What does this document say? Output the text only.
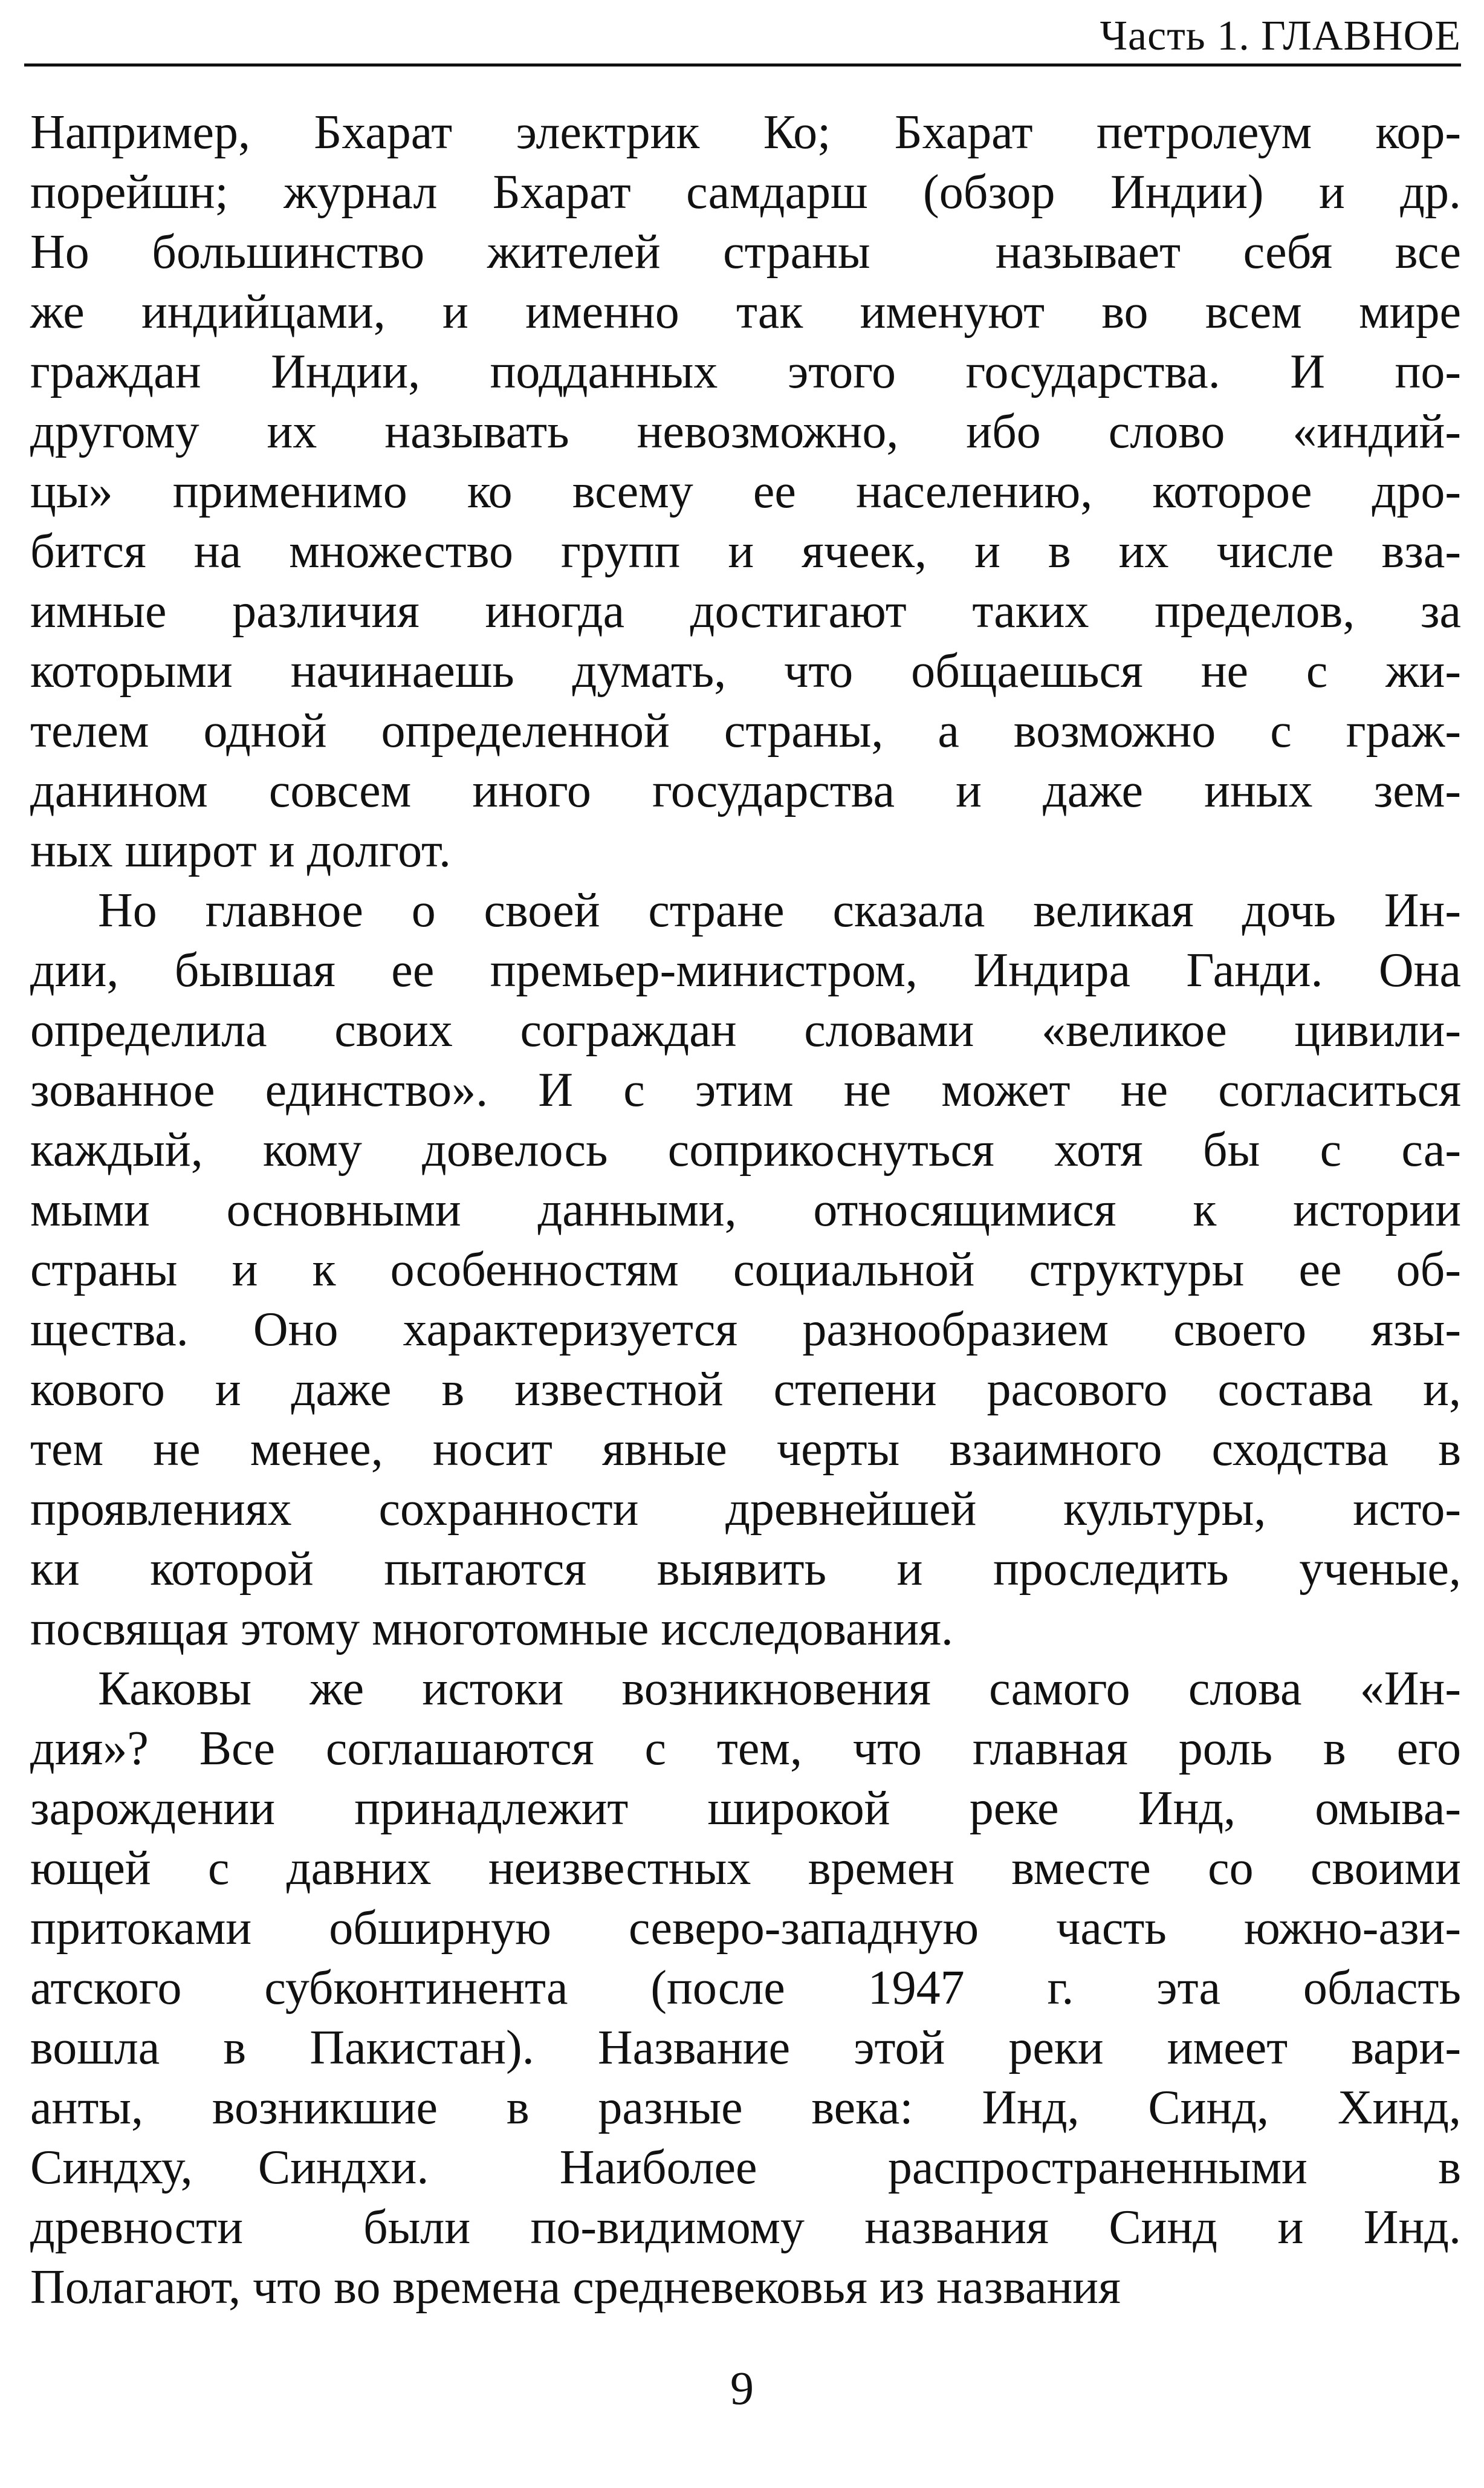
Часть 1. ГЛАВНОЕ
Например, Бхарат электрик Ко; Бхарат петролеум кор-
порейшн; журнал Бхарат самдарш (обзор Индии) и др.
Но большинство жителей страны  называет себя все
же индийцами, и именно так именуют во всем мире
граждан Индии, подданных этого государства. И по-
другому их называть невозможно, ибо слово «индий-
цы» применимо ко всему ее населению, которое дро-
бится на множество групп и ячеек, и в их числе вза-
имные различия иногда достигают таких пределов, за
которыми начинаешь думать, что общаешься не с жи-
телем одной определенной страны, а возможно с граж-
данином совсем иного государства и даже иных зем-
ных широт и долгот.
Но главное о своей стране сказала великая дочь Ин-
дии, бывшая ее премьер-министром, Индира Ганди. Она
определила своих сограждан словами «великое цивили-
зованное единство». И с этим не может не согласиться
каждый, кому довелось соприкоснуться хотя бы с са-
мыми основными данными, относящимися к истории
страны и к особенностям социальной структуры ее об-
щества. Оно характеризуется разнообразием своего язы-
кового и даже в известной степени расового состава и,
тем не менее, носит явные черты взаимного сходства в
проявлениях сохранности древнейшей культуры, исто-
ки которой пытаются выявить и проследить ученые,
посвящая этому многотомные исследования.
Каковы же истоки возникновения самого слова «Ин-
дия»? Все соглашаются с тем, что главная роль в его
зарождении принадлежит широкой реке Инд, омыва-
ющей с давних неизвестных времен вместе со своими
притоками обширную северо-западную часть южно-ази-
атского субконтинента (после 1947 г. эта область
вошла в Пакистан). Название этой реки имеет вари-
анты, возникшие в разные века: Инд, Синд, Хинд,
Синдху, Синдхи.  Наиболее  распространенными  в
древности  были по-видимому названия Синд и Инд.
Полагают, что во времена средневековья из названия
9
